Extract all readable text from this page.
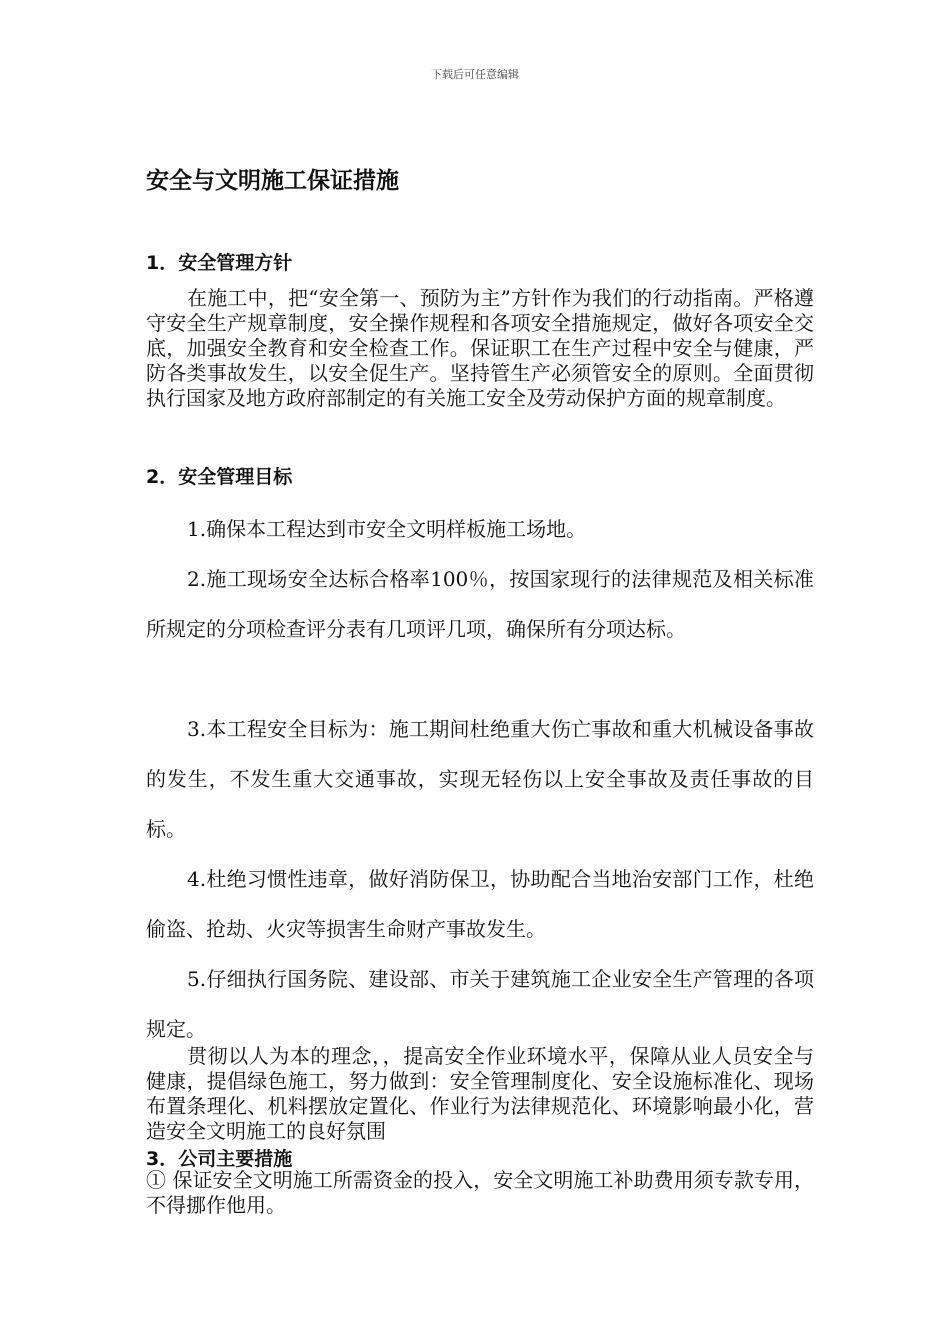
下载后可任意编辑
安全与文明施工保证措施
1．安全管理方针

在施工中，把“安全第一、预防为主”方针作为我们的行动指南。严格遵守安全生产规章制度，安全操作规程和各项安全措施规定，做好各项安全交底，加强安全教育和安全检查工作。保证职工在生产过程中安全与健康，严防各类事故发生，以安全促生产。坚持管生产必须管安全的原则。全面贯彻执行国家及地方政府部制定的有关施工安全及劳动保护方面的规章制度。

2．安全管理目标

1.确保本工程达到市安全文明样板施工场地。

2.施工现场安全达标合格率100％，按国家现行的法律规范及相关标准所规定的分项检查评分表有几项评几项，确保所有分项达标。

3.本工程安全目标为：施工期间杜绝重大伤亡事故和重大机械设备事故的发生，不发生重大交通事故，实现无轻伤以上安全事故及责任事故的目标。

4.杜绝习惯性违章，做好消防保卫，协助配合当地治安部门工作，杜绝偷盗、抢劫、火灾等损害生命财产事故发生。

5.仔细执行国务院、建设部、市关于建筑施工企业安全生产管理的各项规定。

贯彻以人为本的理念，，提高安全作业环境水平，保障从业人员安全与健康，提倡绿色施工，努力做到：安全管理制度化、安全设施标准化、现场布置条理化、机料摆放定置化、作业行为法律规范化、环境影响最小化，营造安全文明施工的良好氛围

3．公司主要措施

① 保证安全文明施工所需资金的投入，安全文明施工补助费用须专款专用，不得挪作他用。
